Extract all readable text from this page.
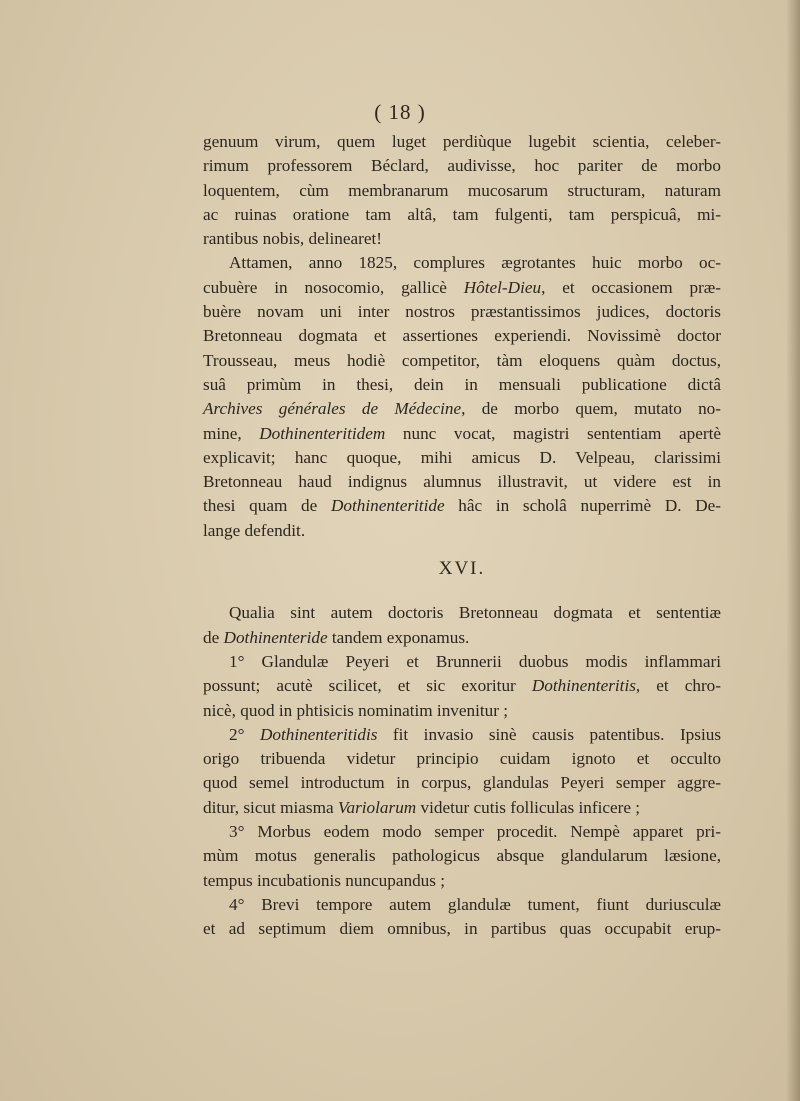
( 18 )

genuum virum, quem luget perdiùque lugebit scientia, celeber-
rimum professorem Béclard, audivisse, hoc pariter de morbo
loquentem, cùm membranarum mucosarum structuram, naturam
ac ruinas oratione tam altâ, tam fulgenti, tam perspicuâ, mi-
rantibus nobis, delinearet!

Attamen, anno 1825, complures ægrotantes huic morbo oc-

cubuère in nosocomio, gallicè Hôtel-Dieu, et occasionem præ-
buère novam uni inter nostros præstantissimos judices, doctoris
Bretonneau dogmata et assertiones experiendi. Novissimè doctor
Trousseau, meus hodiè competitor, tàm eloquens quàm doctus,
suâ primùm in thesi, dein in mensuali publicatione dictâ
Archives générales de Médecine, de morbo quem, mutato no-
mine, Dothinenteritidem nunc vocat, magistri sententiam apertè
explicavit; hanc quoque, mihi amicus D. Velpeau, clarissimi
Bretonneau haud indignus alumnus illustravit, ut videre est in
thesi quam de Dothinenteritide hâc in scholâ nuperrimè D. De-
lange defendit.

XVI.

Qualia sint autem doctoris Bretonneau dogmata et sententiæ

de Dothinenteride tandem exponamus.

1° Glandulæ Peyeri et Brunnerii duobus modis inflammari

possunt; acutè scilicet, et sic exoritur Dothinenteritis, et chro-
nicè, quod in phtisicis nominatim invenitur ;

2° Dothinenteritidis fit invasio sinè causis patentibus. Ipsius

origo tribuenda videtur principio cuidam ignoto et occulto
quod semel introductum in corpus, glandulas Peyeri semper aggre-
ditur, sicut miasma Variolarum videtur cutis folliculas inficere ;

3° Morbus eodem modo semper procedit. Nempè apparet pri-

mùm motus generalis pathologicus absque glandularum læsione,
tempus incubationis nuncupandus ;

4° Brevi tempore autem glandulæ tument, fiunt duriusculæ

et ad septimum diem omnibus, in partibus quas occupabit erup-
